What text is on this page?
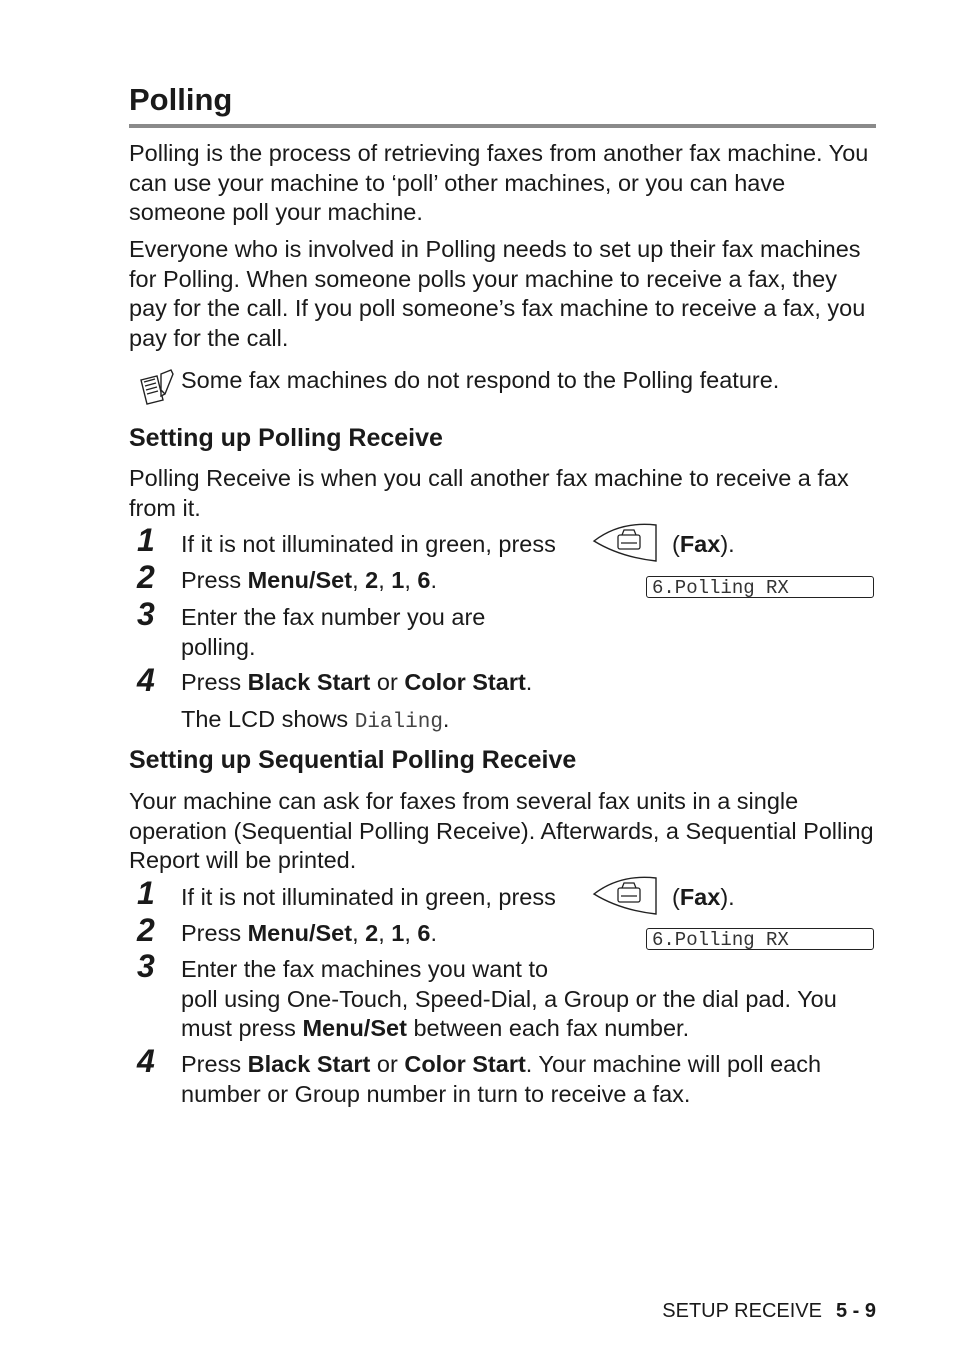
Polling

Polling is the process of retrieving faxes from another fax machine. You can use your machine to ‘poll’ other machines, or you can have someone poll your machine.

Everyone who is involved in Polling needs to set up their fax machines for Polling. When someone polls your machine to receive a fax, they pay for the call. If you poll someone’s fax machine to receive a fax, you pay for the call.

Some fax machines do not respond to the Polling feature.
Setting up Polling Receive

Polling Receive is when you call another fax machine to receive a fax from it.

1 If it is not illuminated in green, press	(Fax).
2 Press Menu/Set, 2, 1, 6.	6.Polling RX
3 Enter the fax number you are polling.
4 Press Black Start or Color Start.
The LCD shows Dialing.
Setting up Sequential Polling Receive

Your machine can ask for faxes from several fax units in a single operation (Sequential Polling Receive). Afterwards, a Sequential Polling Report will be printed.

1 If it is not illuminated in green, press	(Fax).
2 Press Menu/Set, 2, 1, 6.	6.Polling RX
3 Enter the fax machines you want to
poll using One-Touch, Speed-Dial, a Group or the dial pad. You
must press Menu/Set between each fax number.
4 Press Black Start or Color Start. Your machine will poll each
number or Group number in turn to receive a fax.
SETUP RECEIVE 5 - 9
